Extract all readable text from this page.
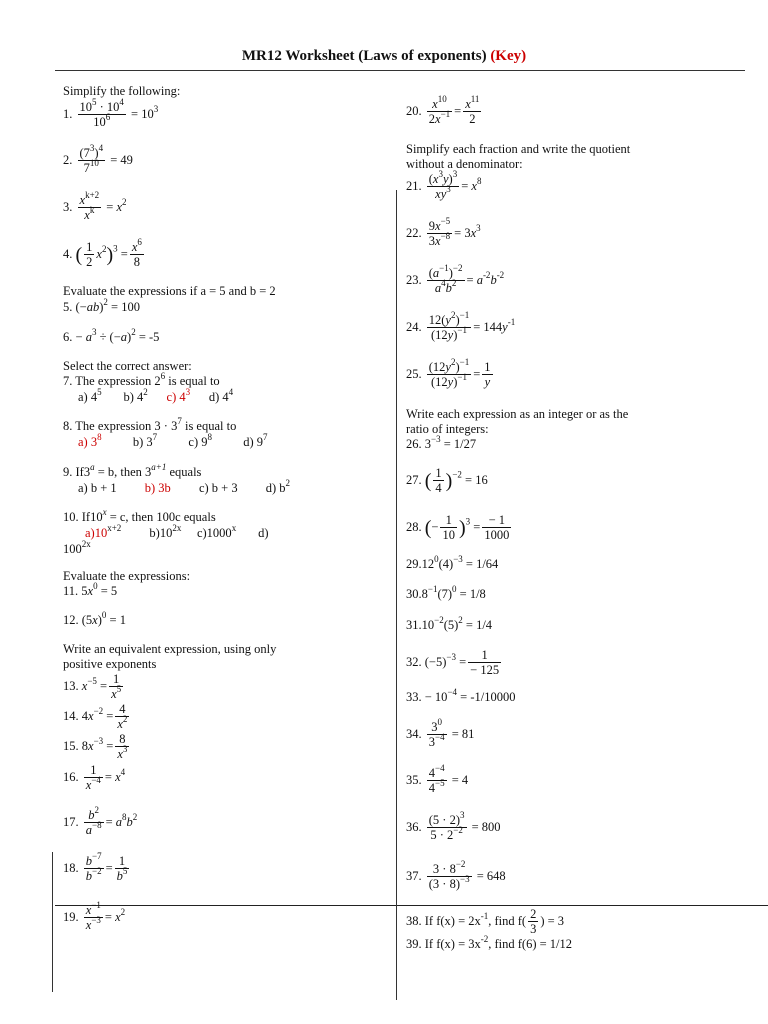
MR12 Worksheet (Laws of exponents) (Key)
Simplify the following:
1. $\frac{10^5 \cdot 10^4}{10^6} = 10^3$
2. $\frac{(7^3)^4}{7^{10}} = 49$
3. $\frac{x^{k+2}}{x^k} = x^2$
4. ( $\frac{1}{2} x^2)^3 = \frac{x^6}{8}$
Evaluate the expressions if a = 5 and b = 2
5. $(-ab)^2 = 100$
6. − $a^3 \div (-a)^2 = -5$
Select the correct answer:
7. The expression $2^6$ is equal to
a) $4^5$ b) $4^2$ c) $4^3$ d) $4^4$
8. The expression $3 \cdot 3^7$ is equal to
a) $3^8$	b) $3^7$	c) $9^8$	d) $9^7$
9. $If3^a = b$, then $3^{a+1}$ equals
a) b + 1 b) 3b c) b + 3 d) $b^2$
10. $If10^x = c$, then 100c equals
$a)10^{x+2}$ $b)10^{2x}$ c)1000$^x$ d)
$100^{2x}$
Evaluate the expressions:
11. $5x^0 = 5$
12. $(5x)^0 = 1$
Write an equivalent expression, using only
positive exponents
13. $x^{-5} = \frac{1}{x^5}$
14. $4x^{-2} = \frac{4}{x^2}$
15. $8x^{-3} = \frac{8}{x^3}$
16. $\frac{1}{x^{-4}} = x^4$
17. $\frac{b^2}{a^{-8}} = a^8b^2$
18. $\frac{b^{-7}}{b^{-2}} = \frac{1}{b^5}$
19. $\frac{x^{-1}}{x^{-3}} = x^2$
20. $\frac{x^{10}}{2x^{-1}} = \frac{x^{11}}{2}$
Simplify each fraction and write the quotient
without a denominator:
21. $\frac{(x^3y)^3}{xy^3} = x^8$
22. $\frac{9x^{-5}}{3x^{-8}} = 3x^3$
23. $\frac{(a^{-1})^{-2}}{a^4b^2} = a^{-2}b^{-2}$
24. $\frac{12(y^2)^{-1}}{(12y)^{-1}} = 144y^{-1}$
25. $\frac{(12y^2)^{-1}}{(12y)^{-1}} = \frac{1}{y}$
Write each expression as an integer or as the
ratio of integers:
26. $3^{-3} = 1/27$
27. ( $\frac{1}{4} )^{-2} = 16$
28. (− $\frac{1}{10} )^3 = \frac{- 1}{1000}$
$29.12^0(4)^{-3} = 1/64$
$30.8^{-1}(7)^0 = 1/8$
$31.10^{-2}(5)^2 = 1/4$
32. $(-5)^{-3} = \frac{1}{- 125}$
33. − $10^{-4} = -1/10000$
34. $\frac{3^0}{3^{-4}} = 81$
35. $\frac{4^{-4}}{4^{-5}} = 4$
36. $\frac{(5 \cdot 2)^3}{5 \cdot 2^{-2}} = 800$
37. $\frac{3 \cdot 8^{-2}}{(3 \cdot 8)^{-3}} = 648$
38. If $f(x) = 2x^{-1}$, find $f( \frac{2}{3}$ ) = 3
39. If $f(x) = 3x^{-2}$, find f(6) = 1/12
